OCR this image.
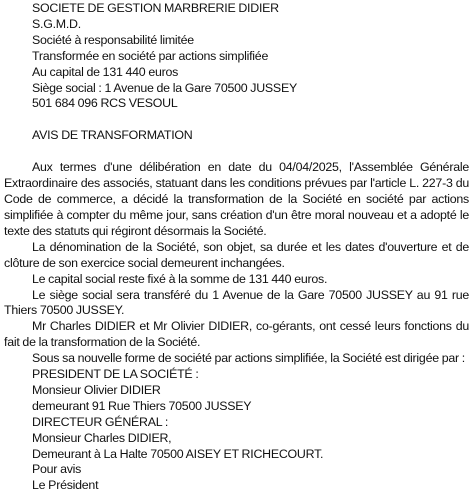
SOCIETE DE GESTION MARBRERIE DIDIER
S.G.M.D.
Société à responsabilité limitée
Transformée en société par actions simplifiée
Au capital de 131 440 euros
Siège social : 1 Avenue de la Gare 70500 JUSSEY
501 684 096 RCS VESOUL
AVIS DE TRANSFORMATION

Aux termes d'une délibération en date du 04/04/2025, l'Assemblée Générale Extraordinaire des associés, statuant dans les conditions prévues par l'article L. 227-3 du Code de commerce, a décidé la transformation de la Société en société par actions simplifiée à compter du même jour, sans création d'un être moral nouveau et a adopté le texte des statuts qui régiront désormais la Société.

La dénomination de la Société, son objet, sa durée et les dates d'ouverture et de clôture de son exercice social demeurent inchangées.

Le capital social reste fixé à la somme de 131 440 euros.

Le siège social sera transféré du 1 Avenue de la Gare 70500 JUSSEY au 91 rue Thiers 70500 JUSSEY.

Mr Charles DIDIER et Mr Olivier DIDIER, co-gérants, ont cessé leurs fonctions du fait de la transformation de la Société.

Sous sa nouvelle forme de société par actions simplifiée, la Société est dirigée par :

PRESIDENT DE LA SOCIÉTÉ :
Monsieur Olivier DIDIER
demeurant 91 Rue Thiers 70500 JUSSEY
DIRECTEUR GÉNÉRAL :
Monsieur Charles DIDIER,
Demeurant à La Halte 70500 AISEY ET RICHECOURT.
Pour avis
Le Président
